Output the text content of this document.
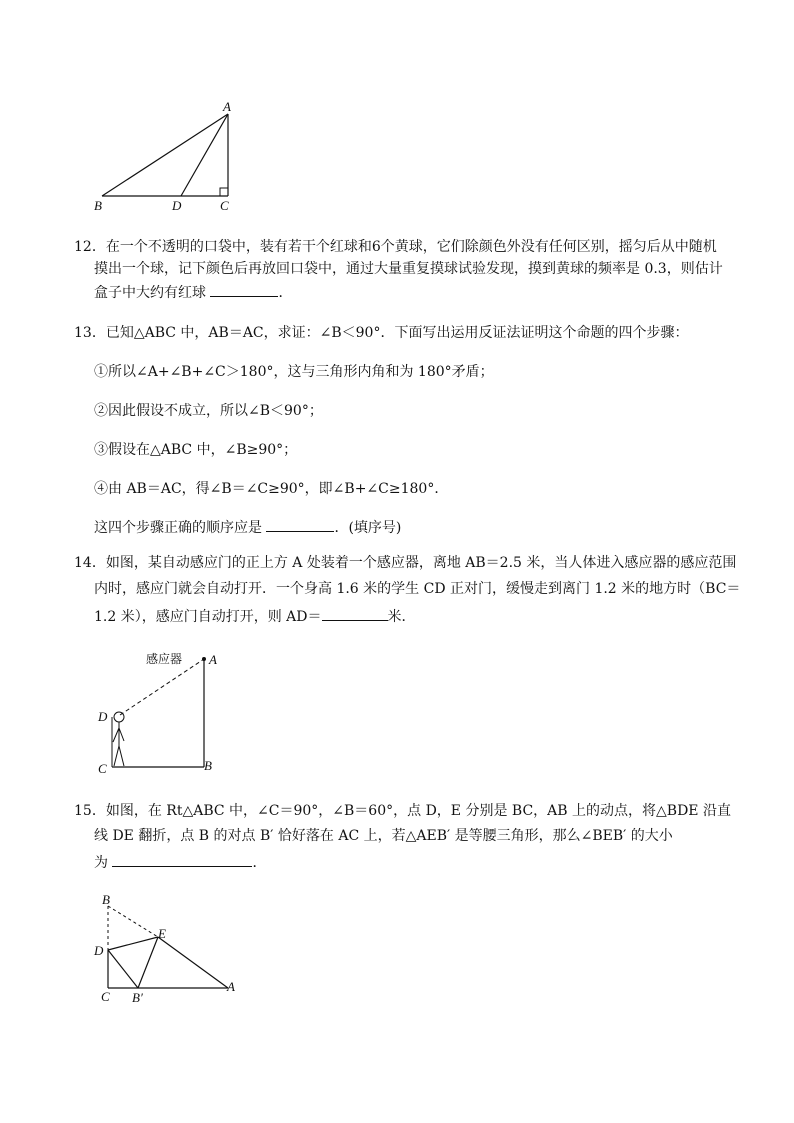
A
B	D	C
12．在一个不透明的口袋中，装有若干个红球和6个黄球，它们除颜色外没有任何区别，摇匀后从中随机
摸出一个球，记下颜色后再放回口袋中，通过大量重复摸球试验发现，摸到黄球的频率是 0.3，则估计
盒子中大约有红球	．
13．已知△ABC 中，AB＝AC，求证：∠B＜90°．下面写出运用反证法证明这个命题的四个步骤：
①所以∠A+∠B+∠C＞180°，这与三角形内角和为 180°矛盾；
②因此假设不成立，所以∠B＜90°；
③假设在△ABC 中，∠B≥90°；
④由 AB＝AC，得∠B＝∠C≥90°，即∠B+∠C≥180°．
这四个步骤正确的顺序应是	．(填序号)
14．如图，某自动感应门的正上方 A 处装着一个感应器，离地 AB＝2.5 米，当人体进入感应器的感应范围
内时，感应门就会自动打开．一个身高 1.6 米的学生 CD 正对门，缓慢走到离门 1.2 米的地方时（BC＝
1.2 米），感应门自动打开，则 AD＝	米．
感应器 A
D
C	B
15．如图，在 Rt△ABC 中，∠C＝90°，∠B＝60°，点 D，E 分别是 BC，AB 上的动点，将△BDE 沿直
线 DE 翻折，点 B 的对点 B′ 恰好落在 AC 上，若△AEB′ 是等腰三角形，那么∠BEB′ 的大小
为	．
B
D
E
C B′
A
